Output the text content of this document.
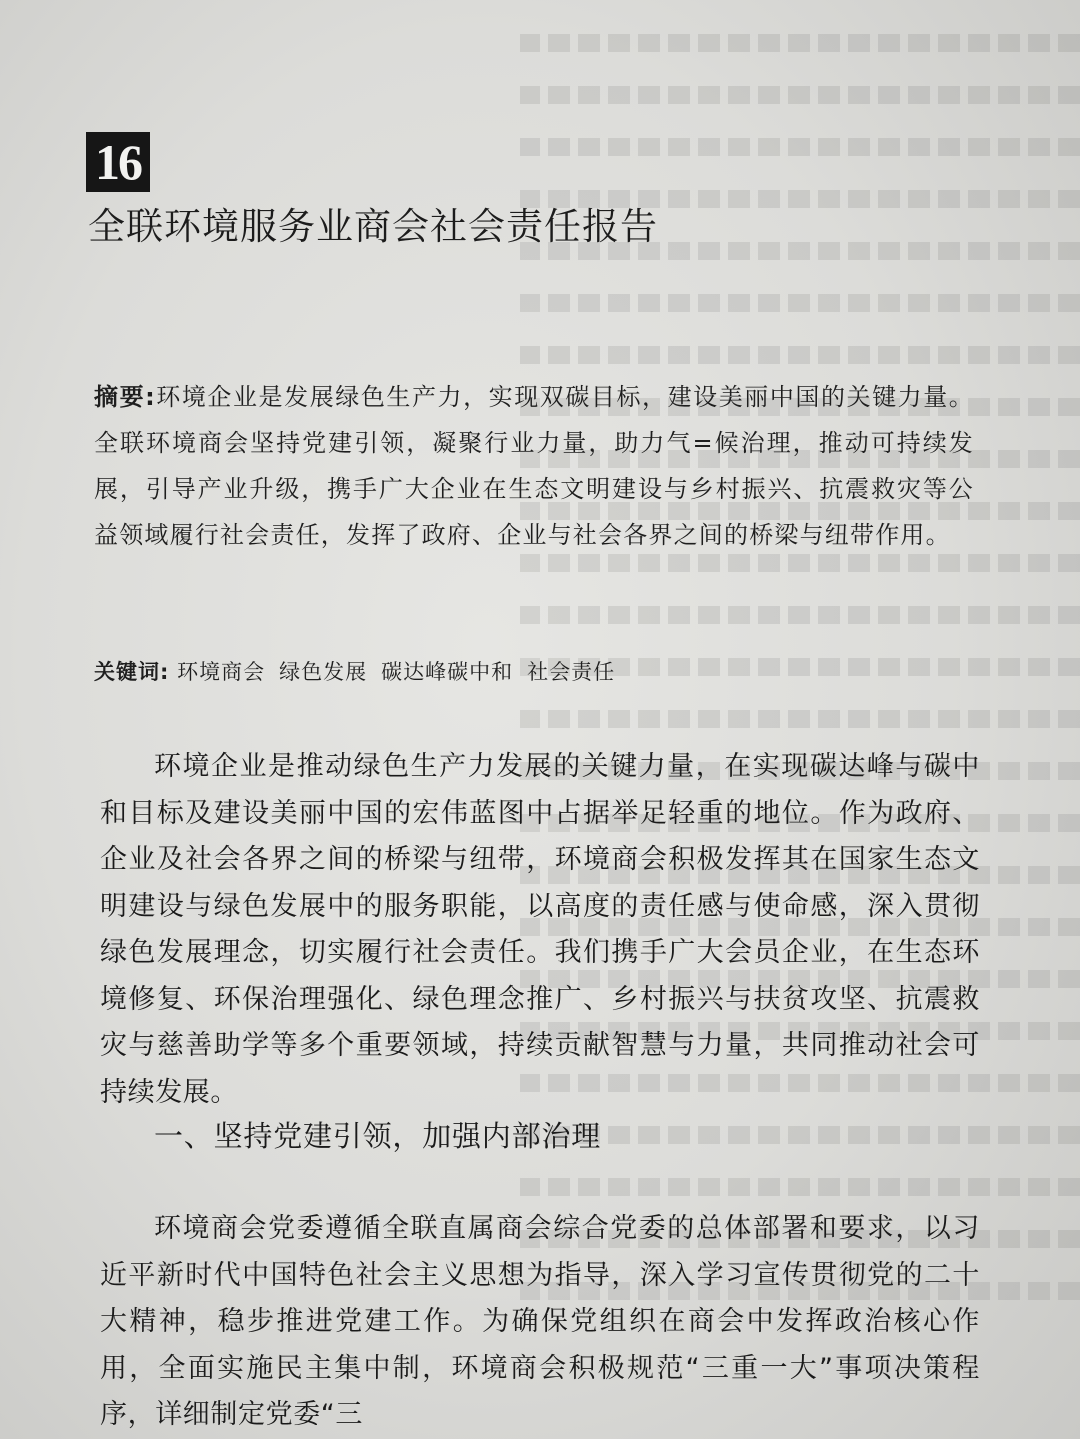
16
全联环境服务业商会社会责任报告
摘要:环境企业是发展绿色生产力，实现双碳目标，建设美丽中国的关键力量。全联环境商会坚持党建引领，凝聚行业力量，助力气=候治理，推动可持续发展，引导产业升级，携手广大企业在生态文明建设与乡村振兴、抗震救灾等公益领域履行社会责任，发挥了政府、企业与社会各界之间的桥梁与纽带作用。
关键词: 环境商会 绿色发展 碳达峰碳中和 社会责任
环境企业是推动绿色生产力发展的关键力量，在实现碳达峰与碳中和目标及建设美丽中国的宏伟蓝图中占据举足轻重的地位。作为政府、企业及社会各界之间的桥梁与纽带，环境商会积极发挥其在国家生态文明建设与绿色发展中的服务职能，以高度的责任感与使命感，深入贯彻绿色发展理念，切实履行社会责任。我们携手广大会员企业，在生态环境修复、环保治理强化、绿色理念推广、乡村振兴与扶贫攻坚、抗震救灾与慈善助学等多个重要领域，持续贡献智慧与力量，共同推动社会可持续发展。
一、坚持党建引领，加强内部治理
环境商会党委遵循全联直属商会综合党委的总体部署和要求，以习近平新时代中国特色社会主义思想为指导，深入学习宣传贯彻党的二十大精神，稳步推进党建工作。为确保党组织在商会中发挥政治核心作用，全面实施民主集中制，环境商会积极规范“三重一大”事项决策程序，详细制定党委“三
